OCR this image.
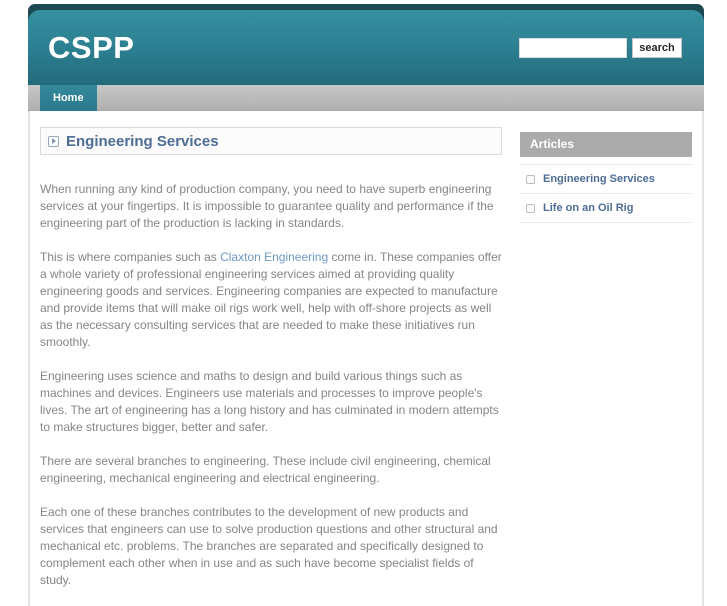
CSPP	search
Home
Engineering Services

When running any kind of production company, you need to have superb engineering services at your fingertips. It is impossible to guarantee quality and performance if the engineering part of the production is lacking in standards.

This is where companies such as Claxton Engineering come in. These companies offer a whole variety of professional engineering services aimed at providing quality engineering goods and services. Engineering companies are expected to manufacture and provide items that will make oil rigs work well, help with off-shore projects as well as the necessary consulting services that are needed to make these initiatives run smoothly.

Engineering uses science and maths to design and build various things such as machines and devices. Engineers use materials and processes to improve people's lives. The art of engineering has a long history and has culminated in modern attempts to make structures bigger, better and safer.

There are several branches to engineering. These include civil engineering, chemical engineering, mechanical engineering and electrical engineering.

Each one of these branches contributes to the development of new products and services that engineers can use to solve production questions and other structural and mechanical etc. problems. The branches are separated and specifically designed to complement each other when in use and as such have become specialist fields of study.

Articles
Engineering Services
Life on an Oil Rig
